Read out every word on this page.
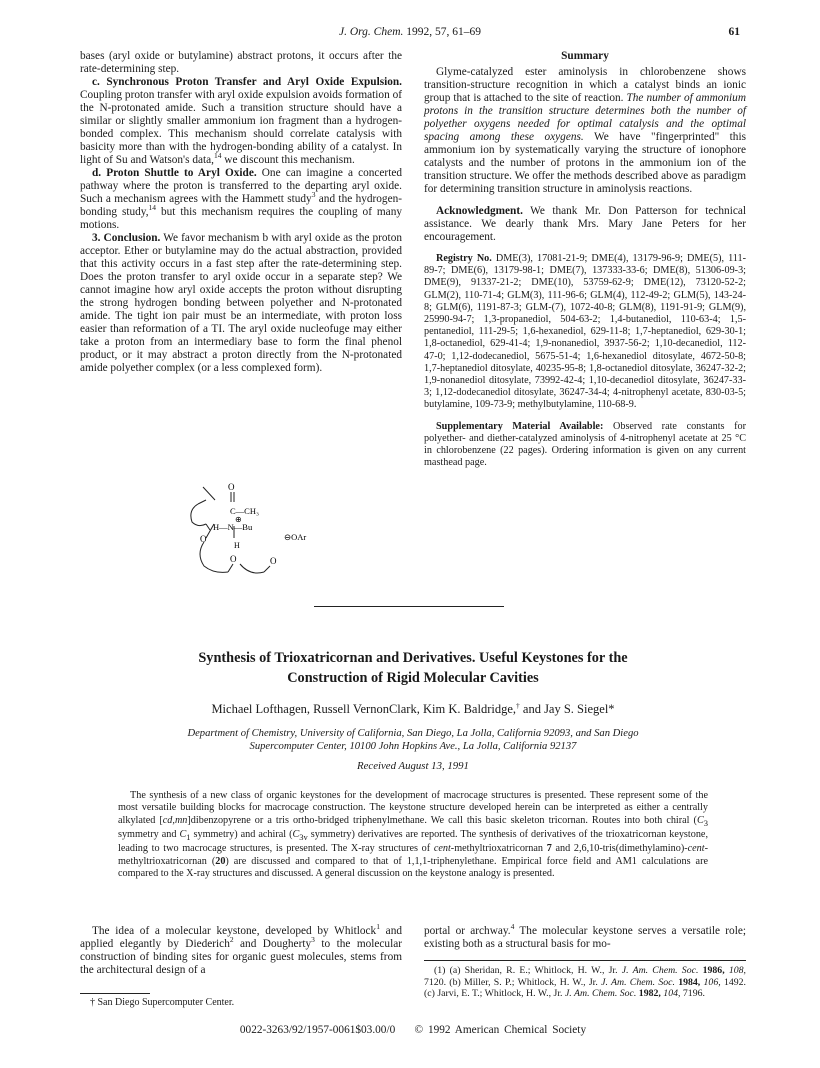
J. Org. Chem. 1992, 57, 61–69	61

bases (aryl oxide or butylamine) abstract protons, it occurs after the rate-determining step.

c. Synchronous Proton Transfer and Aryl Oxide Expulsion. Coupling proton transfer with aryl oxide expulsion avoids formation of the N-protonated amide. Such a transition structure should have a similar or slightly smaller ammonium ion fragment than a hydrogen-bonded complex. This mechanism should correlate catalysis with basicity more than with the hydrogen-bonding ability of a catalyst. In light of Su and Watson's data,$^{14}$ we discount this mechanism.

d. Proton Shuttle to Aryl Oxide. One can imagine a concerted pathway where the proton is transferred to the departing aryl oxide. Such a mechanism agrees with the Hammett study$^3$ and the hydrogen-bonding study,$^{14}$ but this mechanism requires the coupling of many motions.

3. Conclusion. We favor mechanism b with aryl oxide as the proton acceptor. Ether or butylamine may do the actual abstraction, provided that this activity occurs in a fast step after the rate-determining step. Does the proton transfer to aryl oxide occur in a separate step? We cannot imagine how aryl oxide accepts the proton without disrupting the strong hydrogen bonding between polyether and N-protonated amide. The tight ion pair must be an intermediate, with proton loss easier than reformation of a TI. The aryl oxide nucleofuge may either take a proton from an intermediary base to form the final phenol product, or it may abstract a proton directly from the N-protonated amide polyether complex (or a less complexed form).

O
C—CH₃
⊕
H—N—Bu
⊖OAr
O
H
O	O
Summary

Glyme-catalyzed ester aminolysis in chlorobenzene shows transition-structure recognition in which a catalyst binds an ionic group that is attached to the site of reaction. The number of ammonium protons in the transition structure determines both the number of polyether oxygens needed for optimal catalysis and the optimal spacing among these oxygens. We have "fingerprinted" this ammonium ion by systematically varying the structure of ionophore catalysts and the number of protons in the ammonium ion of the transition structure. We offer the methods described above as paradigm for determining transition structure in aminolysis reactions.

Acknowledgment. We thank Mr. Don Patterson for technical assistance. We dearly thank Mrs. Mary Jane Peters for her encouragement.

Registry No. DME(3), 17081-21-9; DME(4), 13179-96-9; DME(5), 111-89-7; DME(6), 13179-98-1; DME(7), 137333-33-6; DME(8), 51306-09-3; DME(9), 91337-21-2; DME(10), 53759-62-9; DME(12), 73120-52-2; GLM(2), 110-71-4; GLM(3), 111-96-6; GLM(4), 112-49-2; GLM(5), 143-24-8; GLM(6), 1191-87-3; GLM-(7), 1072-40-8; GLM(8), 1191-91-9; GLM(9), 25990-94-7; 1,3-propanediol, 504-63-2; 1,4-butanediol, 110-63-4; 1,5-pentanediol, 111-29-5; 1,6-hexanediol, 629-11-8; 1,7-heptanediol, 629-30-1; 1,8-octanediol, 629-41-4; 1,9-nonanediol, 3937-56-2; 1,10-decanediol, 112-47-0; 1,12-dodecanediol, 5675-51-4; 1,6-hexanediol ditosylate, 4672-50-8; 1,7-heptanediol ditosylate, 40235-95-8; 1,8-octanediol ditosylate, 36247-32-2; 1,9-nonanediol ditosylate, 73992-42-4; 1,10-decanediol ditosylate, 36247-33-3; 1,12-dodecanediol ditosylate, 36247-34-4; 4-nitrophenyl acetate, 830-03-5; butylamine, 109-73-9; methylbutylamine, 110-68-9.

Supplementary Material Available: Observed rate constants for polyether- and diether-catalyzed aminolysis of 4-nitrophenyl acetate at 25 °C in chlorobenzene (22 pages). Ordering information is given on any current masthead page.

Synthesis of Trioxatricornan and Derivatives. Useful Keystones for the
Construction of Rigid Molecular Cavities
Michael Lofthagen, Russell VernonClark, Kim K. Baldridge,† and Jay S. Siegel*
Department of Chemistry, University of California, San Diego, La Jolla, California 92093, and San Diego
Supercomputer Center, 10100 John Hopkins Ave., La Jolla, California 92137
Received August 13, 1991
The synthesis of a new class of organic keystones for the development of macrocage structures is presented. These represent some of the most versatile building blocks for macrocage construction. The keystone structure developed herein can be interpreted as either a centrally alkylated [cd,mn]dibenzopyrene or a tris ortho-bridged triphenylmethane. We call this basic skeleton tricornan. Routes into both chiral ($C_3$ symmetry and $C_1$ symmetry) and achiral ($C_{3v}$ symmetry) derivatives are reported. The synthesis of derivatives of the trioxatricornan keystone, leading to two macrocage structures, is presented. The X-ray structures of cent-methyltrioxatricornan 7 and 2,6,10-tris(dimethylamino)-cent-methyltrioxatricornan (20) are discussed and compared to that of 1,1,1-triphenylethane. Empirical force field and AM1 calculations are compared to the X-ray structures and discussed. A general discussion on the keystone analogy is presented.
The idea of a molecular keystone, developed by Whitlock$^1$ and applied elegantly by Diederich$^2$ and Dougherty$^3$ to the molecular construction of binding sites for organic guest molecules, stems from the architectural design of a
portal or archway.$^4$ The molecular keystone serves a versatile role; existing both as a structural basis for mo-
† San Diego Supercomputer Center.
(1) (a) Sheridan, R. E.; Whitlock, H. W., Jr. J. Am. Chem. Soc. 1986, 108, 7120. (b) Miller, S. P.; Whitlock, H. W., Jr. J. Am. Chem. Soc. 1984, 106, 1492. (c) Jarvi, E. T.; Whitlock, H. W., Jr. J. Am. Chem. Soc. 1982, 104, 7196.
0022-3263/92/1957-0061$03.00/0 © 1992 American Chemical Society
